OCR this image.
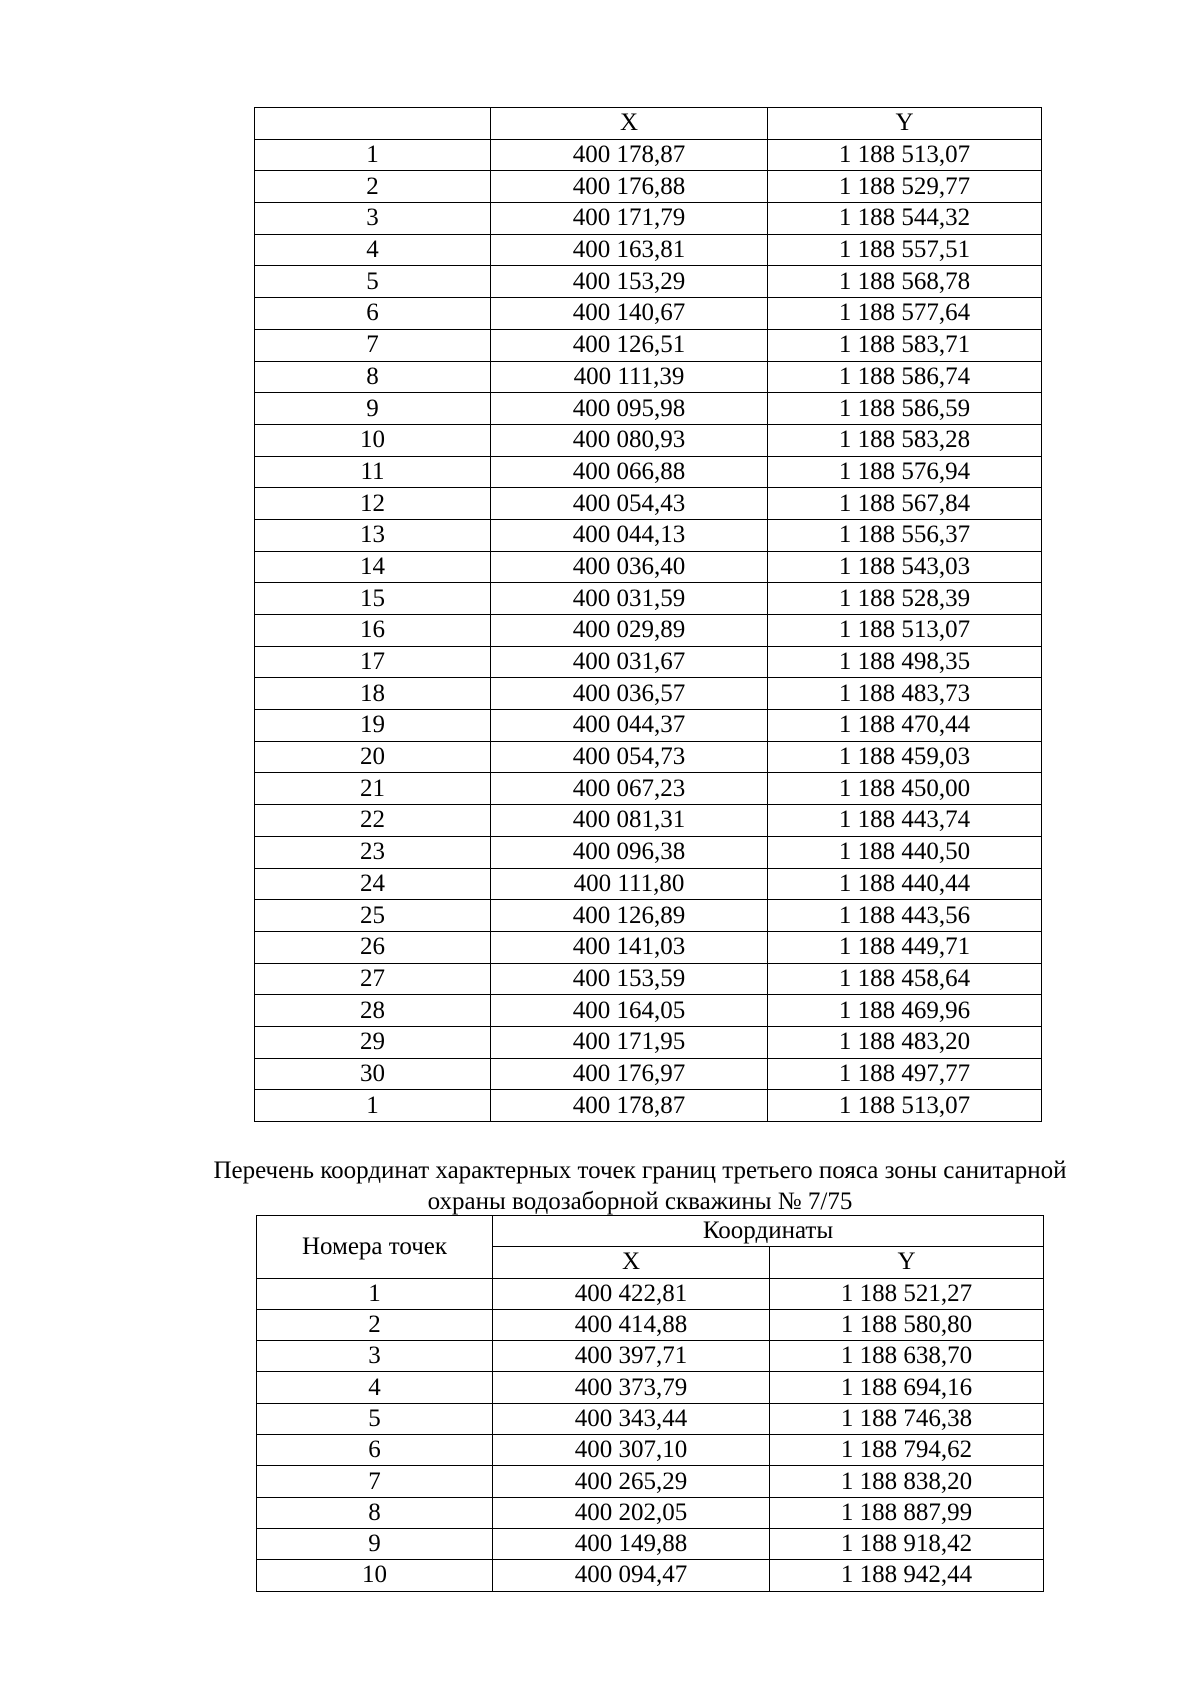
	X	Y
1	400 178,87	1 188 513,07
2	400 176,88	1 188 529,77
3	400 171,79	1 188 544,32
4	400 163,81	1 188 557,51
5	400 153,29	1 188 568,78
6	400 140,67	1 188 577,64
7	400 126,51	1 188 583,71
8	400 111,39	1 188 586,74
9	400 095,98	1 188 586,59
10	400 080,93	1 188 583,28
11	400 066,88	1 188 576,94
12	400 054,43	1 188 567,84
13	400 044,13	1 188 556,37
14	400 036,40	1 188 543,03
15	400 031,59	1 188 528,39
16	400 029,89	1 188 513,07
17	400 031,67	1 188 498,35
18	400 036,57	1 188 483,73
19	400 044,37	1 188 470,44
20	400 054,73	1 188 459,03
21	400 067,23	1 188 450,00
22	400 081,31	1 188 443,74
23	400 096,38	1 188 440,50
24	400 111,80	1 188 440,44
25	400 126,89	1 188 443,56
26	400 141,03	1 188 449,71
27	400 153,59	1 188 458,64
28	400 164,05	1 188 469,96
29	400 171,95	1 188 483,20
30	400 176,97	1 188 497,77
1	400 178,87	1 188 513,07
Перечень координат характерных точек границ третьего пояса зоны санитарной
охраны водозаборной скважины № 7/75
Номера точек	Координаты	
	X	Y
1	400 422,81	1 188 521,27
2	400 414,88	1 188 580,80
3	400 397,71	1 188 638,70
4	400 373,79	1 188 694,16
5	400 343,44	1 188 746,38
6	400 307,10	1 188 794,62
7	400 265,29	1 188 838,20
8	400 202,05	1 188 887,99
9	400 149,88	1 188 918,42
10	400 094,47	1 188 942,44
